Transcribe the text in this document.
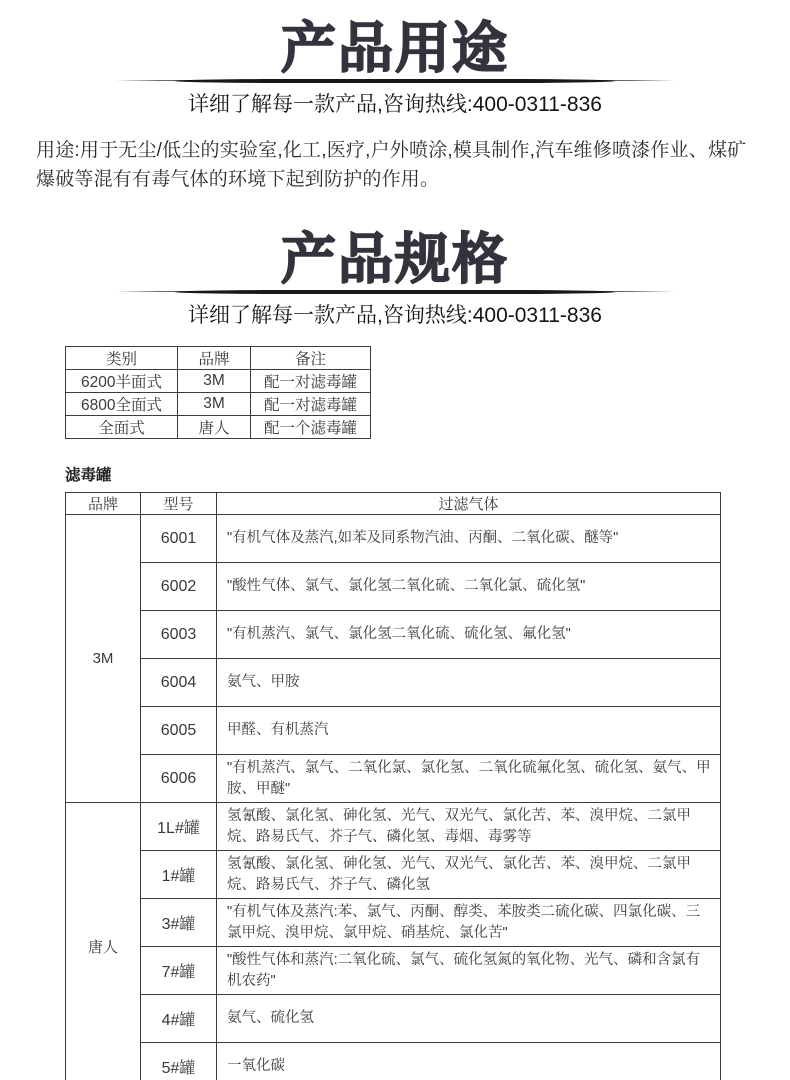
产品用途

详细了解每一款产品,咨询热线:400-0311-836

用途:用于无尘/低尘的实验室,化工,医疗,户外喷涂,模具制作,汽车维修喷漆作业、煤矿爆破等混有有毒气体的环境下起到防护的作用。

产品规格

详细了解每一款产品,咨询热线:400-0311-836

类别	品牌	备注
6200半面式	3M	配一对滤毒罐
6800全面式	3M	配一对滤毒罐
全面式	唐人	配一个滤毒罐
滤毒罐
品牌	型号	过滤气体
3M	6001	"有机气体及蒸汽,如苯及同系物汽油、丙酮、二氧化碳、醚等"
	6002	"酸性气体、氯气、氯化氢二氧化硫、二氧化氯、硫化氢"
	6003	"有机蒸汽、氯气、氯化氢二氧化硫、硫化氢、氟化氢"
	6004	氨气、甲胺
	6005	甲醛、有机蒸汽
	6006	"有机蒸汽、氯气、二氧化氯、氯化氢、二氧化硫氟化氢、硫化氢、氨气、甲胺、甲醚"
唐人	1L#罐	氢氰酸、氯化氢、砷化氢、光气、双光气、氯化苦、苯、溴甲烷、二氯甲烷、路易氏气、芥子气、磷化氢、毒烟、毒雾等
	1#罐	氢氰酸、氯化氢、砷化氢、光气、双光气、氯化苦、苯、溴甲烷、二氯甲烷、路易氏气、芥子气、磷化氢
	3#罐	"有机气体及蒸汽:苯、氯气、丙酮、醇类、苯胺类二硫化碳、四氯化碳、三氯甲烷、溴甲烷、氯甲烷、硝基烷、氯化苦"
	7#罐	"酸性气体和蒸汽:二氧化硫、氯气、硫化氢氮的氧化物、光气、磷和含氯有机农药"
	4#罐	氨气、硫化氢
	5#罐	一氧化碳
